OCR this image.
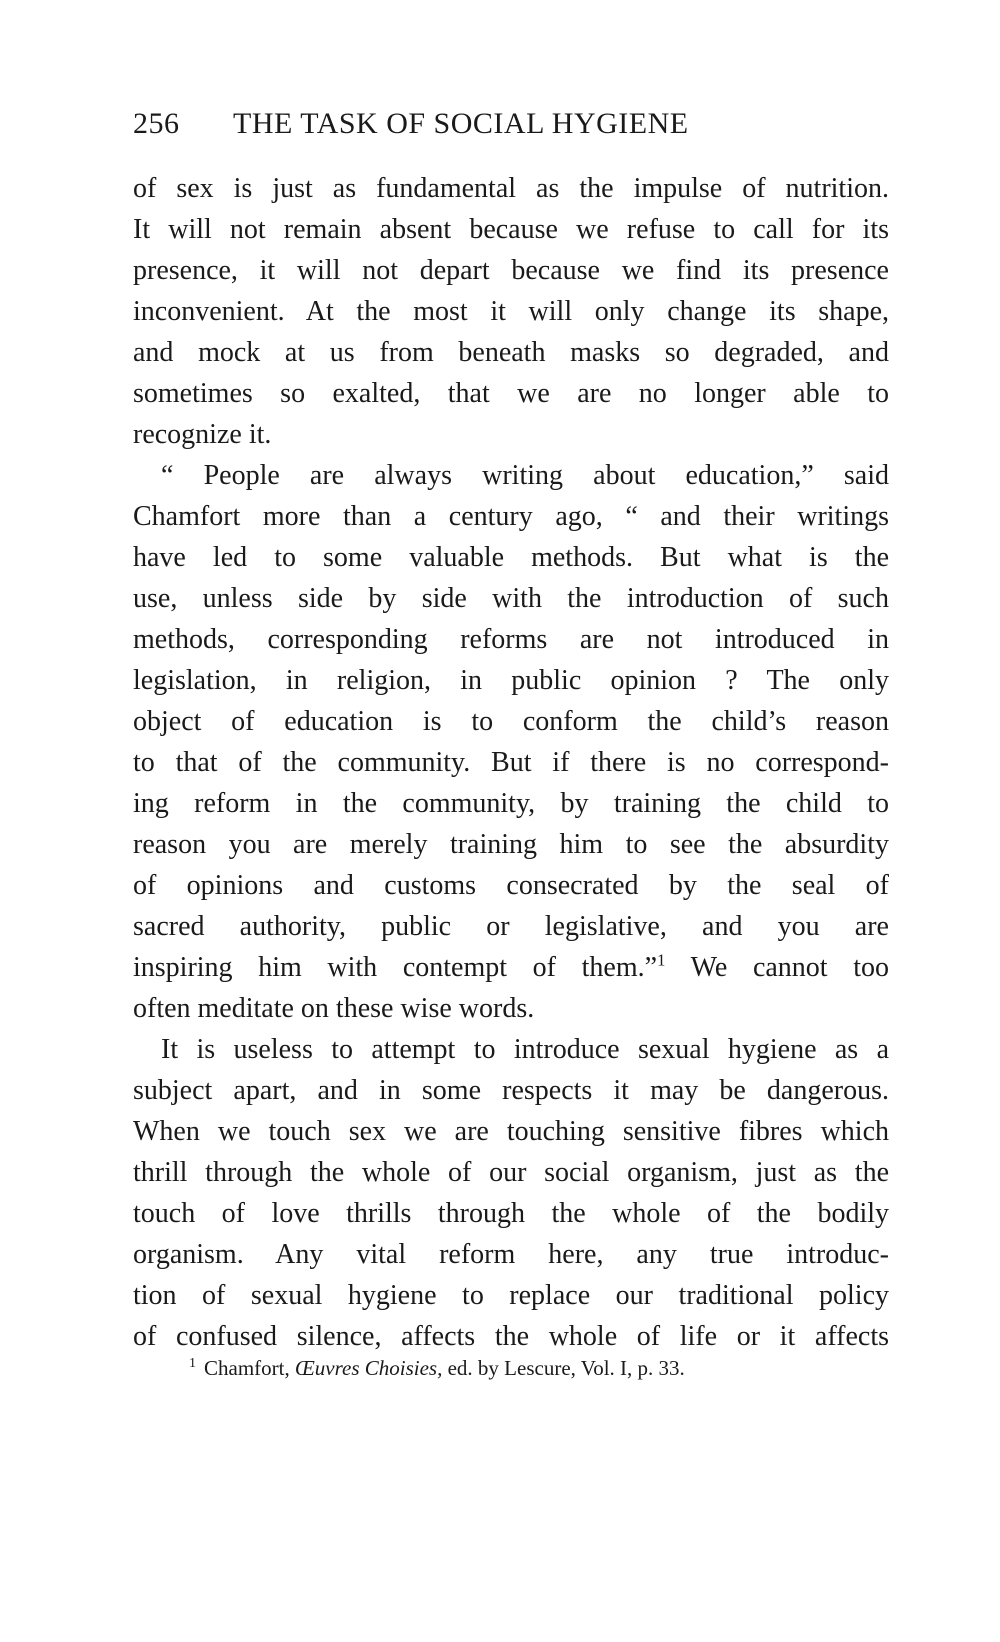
256 THE TASK OF SOCIAL HYGIENE
of sex is just as fundamental as the impulse of nutrition.
It will not remain absent because we refuse to call for its
presence, it will not depart because we find its presence
inconvenient. At the most it will only change its shape,
and mock at us from beneath masks so degraded, and
sometimes so exalted, that we are no longer able to
recognize it.
“ People are always writing about education,” said
Chamfort more than a century ago, “ and their writings
have led to some valuable methods. But what is the
use, unless side by side with the introduction of such
methods, corresponding reforms are not introduced in
legislation, in religion, in public opinion ? The only
object of education is to conform the child’s reason
to that of the community. But if there is no correspond-
ing reform in the community, by training the child to
reason you are merely training him to see the absurdity
of opinions and customs consecrated by the seal of
sacred authority, public or legislative, and you are
inspiring him with contempt of them.”$^1$ We cannot too
often meditate on these wise words.
It is useless to attempt to introduce sexual hygiene as a
subject apart, and in some respects it may be dangerous.
When we touch sex we are touching sensitive fibres which
thrill through the whole of our social organism, just as the
touch of love thrills through the whole of the bodily
organism. Any vital reform here, any true introduc-
tion of sexual hygiene to replace our traditional policy
of confused silence, affects the whole of life or it affects
$^1$ Chamfort, Œuvres Choisies, ed. by Lescure, Vol. I, p. 33.
